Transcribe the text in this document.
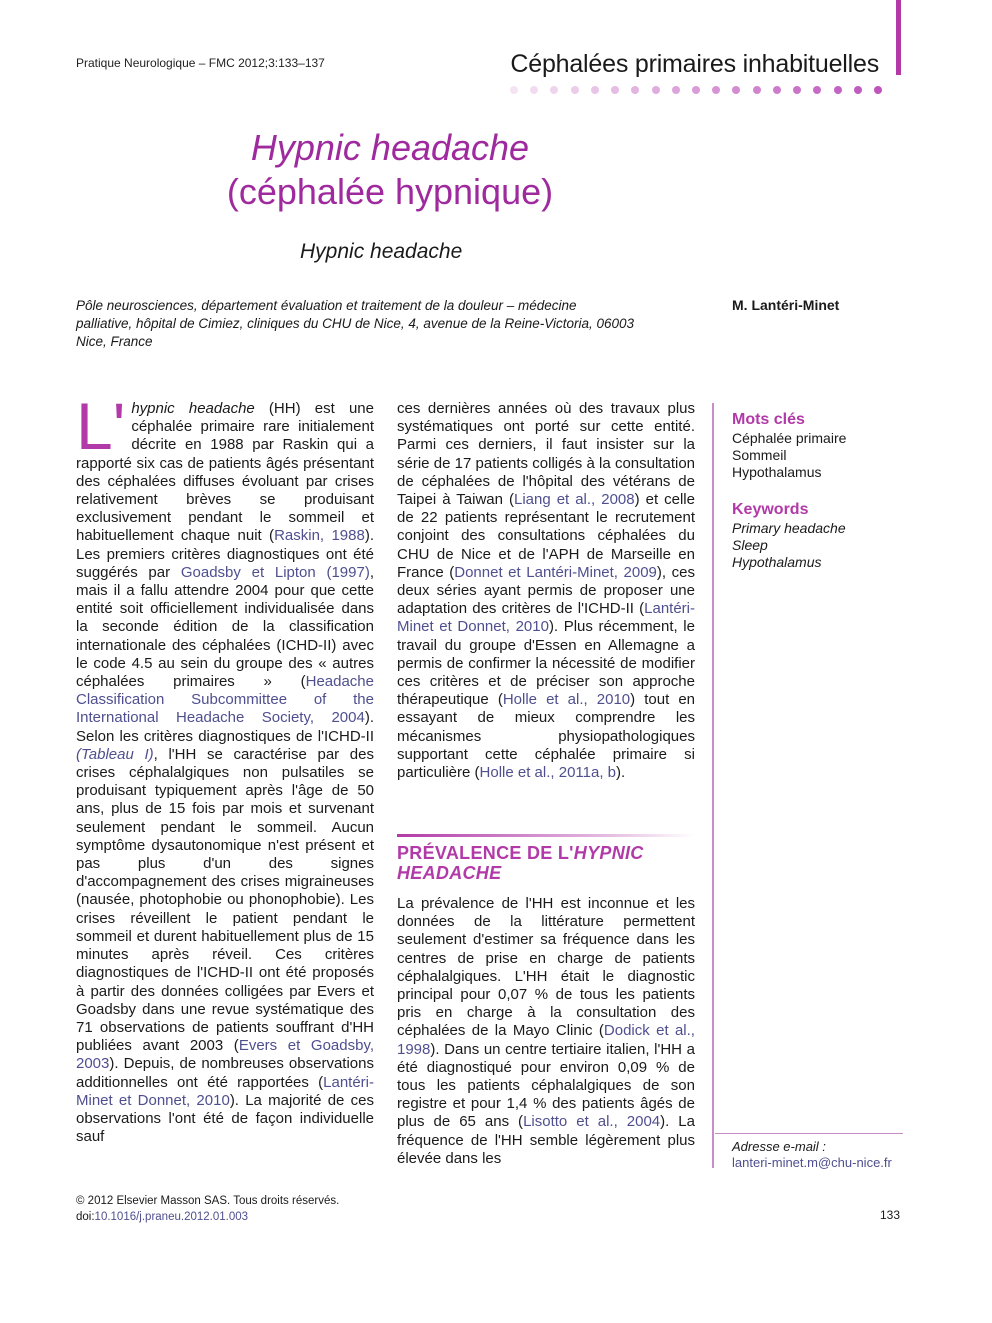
Pratique Neurologique – FMC 2012;3:133–137	Céphalées primaires inhabituelles
Hypnic headache
(céphalée hypnique)
Hypnic headache
Pôle neurosciences, département évaluation et traitement de la douleur – médecine palliative, hôpital de Cimiez, cliniques du CHU de Nice, 4, avenue de la Reine-Victoria, 06003 Nice, France
M. Lantéri-Minet
L' hypnic headache (HH) est une céphalée primaire rare initialement décrite en 1988 par Raskin qui a rapporté six cas de patients âgés présentant des céphalées diffuses évoluant par crises relativement brèves se produisant exclusivement pendant le sommeil et habituellement chaque nuit (Raskin, 1988). Les premiers critères diagnostiques ont été suggérés par Goadsby et Lipton (1997), mais il a fallu attendre 2004 pour que cette entité soit officiellement individualisée dans la seconde édition de la classification internationale des céphalées (ICHD-II) avec le code 4.5 au sein du groupe des « autres céphalées primaires » (Headache Classification Subcommittee of the International Headache Society, 2004). Selon les critères diagnostiques de l'ICHD-II (Tableau I), l'HH se caractérise par des crises céphalalgiques non pulsatiles se produisant typiquement après l'âge de 50 ans, plus de 15 fois par mois et survenant seulement pendant le sommeil. Aucun symptôme dysautonomique n'est présent et pas plus d'un des signes d'accompagnement des crises migraineuses (nausée, photophobie ou phonophobie). Les crises réveillent le patient pendant le sommeil et durent habituellement plus de 15 minutes après réveil. Ces critères diagnostiques de l'ICHD-II ont été proposés à partir des données colligées par Evers et Goadsby dans une revue systématique des 71 observations de patients souffrant d'HH publiées avant 2003 (Evers et Goadsby, 2003). Depuis, de nombreuses observations additionnelles ont été rapportées (Lantéri-Minet et Donnet, 2010). La majorité de ces observations l'ont été de façon individuelle sauf
ces dernières années où des travaux plus systématiques ont porté sur cette entité. Parmi ces derniers, il faut insister sur la série de 17 patients colligés à la consultation de céphalées de l'hôpital des vétérans de Taipei à Taiwan (Liang et al., 2008) et celle de 22 patients représentant le recrutement conjoint des consultations céphalées du CHU de Nice et de l'APH de Marseille en France (Donnet et Lantéri-Minet, 2009), ces deux séries ayant permis de proposer une adaptation des critères de l'ICHD-II (Lantéri-Minet et Donnet, 2010). Plus récemment, le travail du groupe d'Essen en Allemagne a permis de confirmer la nécessité de modifier ces critères et de préciser son approche thérapeutique (Holle et al., 2010) tout en essayant de mieux comprendre les mécanismes physiopathologiques supportant cette céphalée primaire si particulière (Holle et al., 2011a, b).
PRÉVALENCE DE L'HYPNIC HEADACHE
La prévalence de l'HH est inconnue et les données de la littérature permettent seulement d'estimer sa fréquence dans les centres de prise en charge de patients céphalalgiques. L'HH était le diagnostic principal pour 0,07 % de tous les patients pris en charge à la consultation des céphalées de la Mayo Clinic (Dodick et al., 1998). Dans un centre tertiaire italien, l'HH a été diagnostiqué pour environ 0,09 % de tous les patients céphalalgiques de son registre et pour 1,4 % des patients âgés de plus de 65 ans (Lisotto et al., 2004). La fréquence de l'HH semble légèrement plus élevée dans les
Mots clés
Céphalée primaire
Sommeil
Hypothalamus
Keywords
Primary headache
Sleep
Hypothalamus
Adresse e-mail :
lanteri-minet.m@chu-nice.fr
© 2012 Elsevier Masson SAS. Tous droits réservés.
doi:10.1016/j.praneu.2012.01.003	133
